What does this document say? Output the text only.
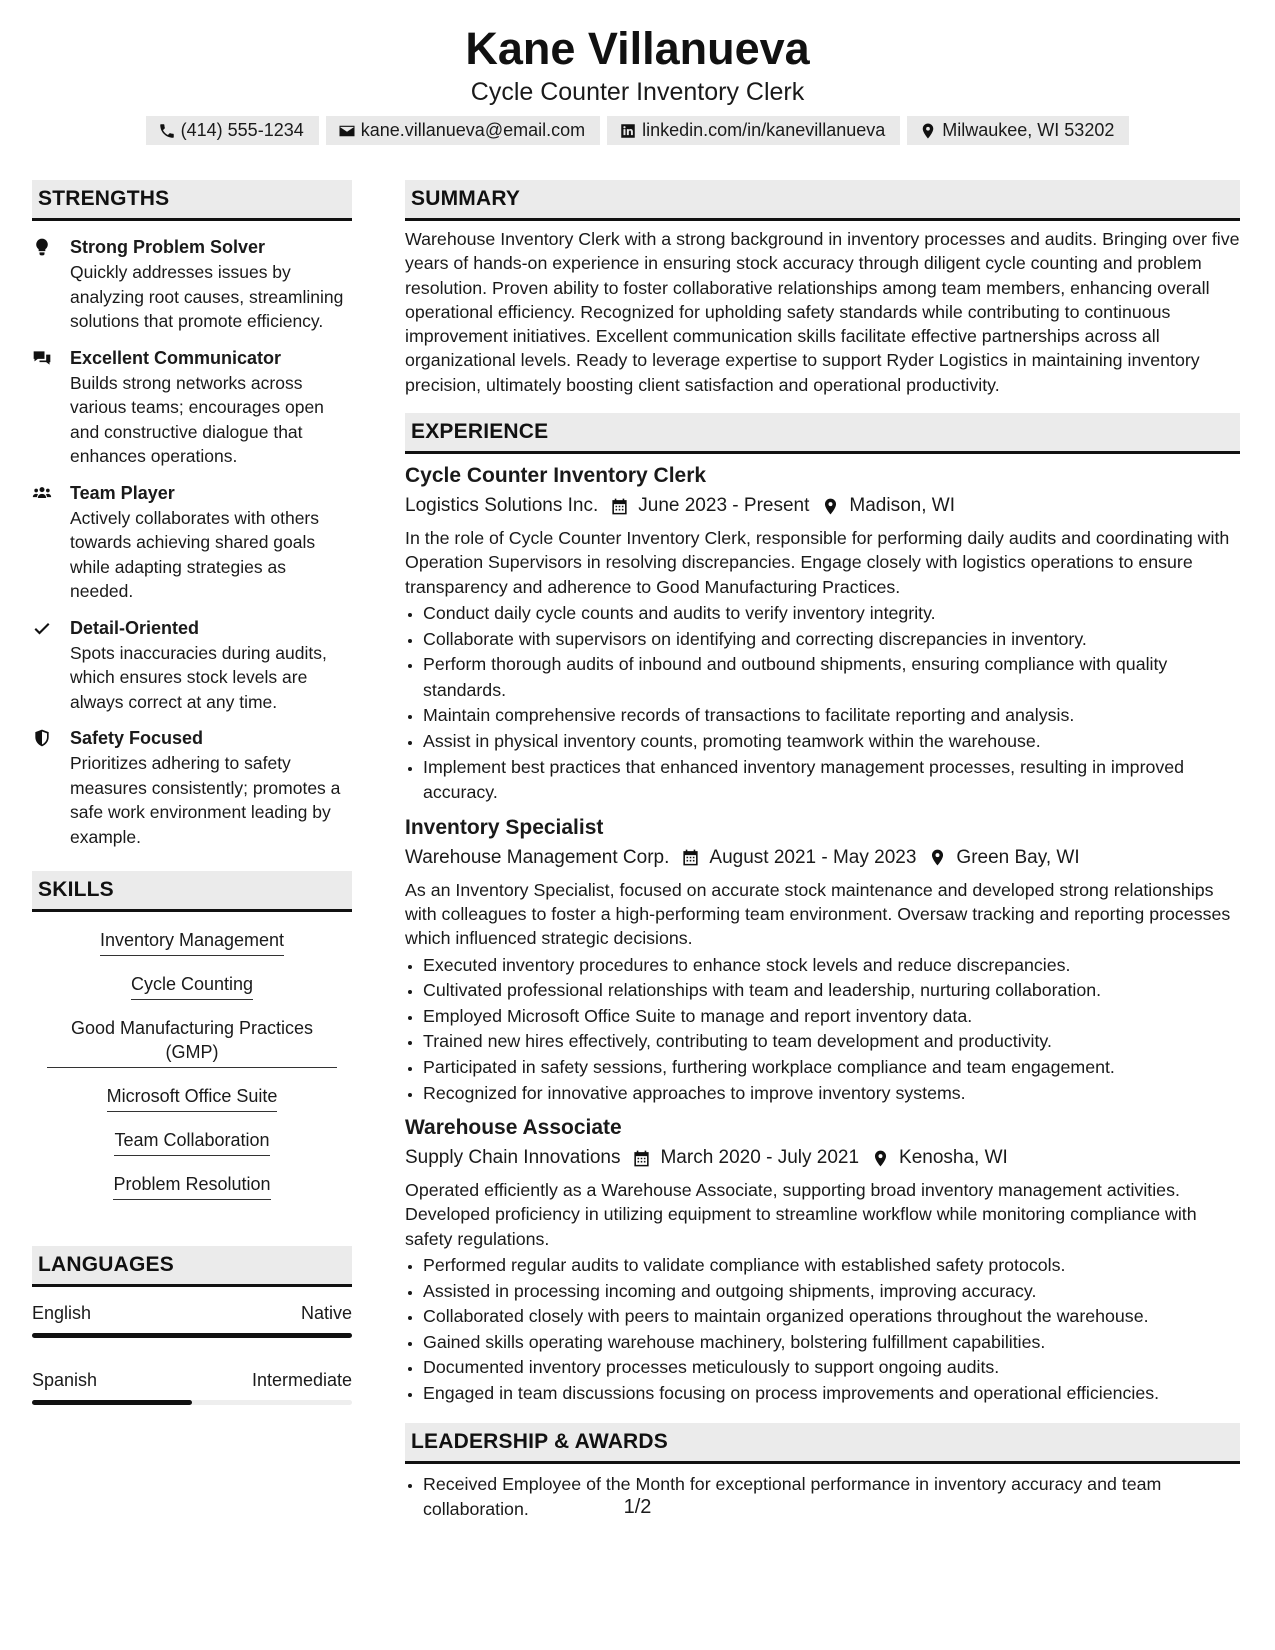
Kane Villanueva
Cycle Counter Inventory Clerk
(414) 555-1234	kane.villanueva@email.com	linkedin.com/in/kanevillanueva	Milwaukee, WI 53202
STRENGTHS
Strong Problem Solver
Quickly addresses issues by analyzing root causes, streamlining solutions that promote efficiency.
Excellent Communicator
Builds strong networks across various teams; encourages open and constructive dialogue that enhances operations.
Team Player
Actively collaborates with others towards achieving shared goals while adapting strategies as needed.
Detail-Oriented
Spots inaccuracies during audits, which ensures stock levels are always correct at any time.
Safety Focused
Prioritizes adhering to safety measures consistently; promotes a safe work environment leading by example.
SKILLS
Inventory Management
Cycle Counting
Good Manufacturing Practices (GMP)
Microsoft Office Suite
Team Collaboration
Problem Resolution
LANGUAGES
English	Native
Spanish	Intermediate
SUMMARY
Warehouse Inventory Clerk with a strong background in inventory processes and audits. Bringing over five years of hands-on experience in ensuring stock accuracy through diligent cycle counting and problem resolution. Proven ability to foster collaborative relationships among team members, enhancing overall operational efficiency. Recognized for upholding safety standards while contributing to continuous improvement initiatives. Excellent communication skills facilitate effective partnerships across all organizational levels. Ready to leverage expertise to support Ryder Logistics in maintaining inventory precision, ultimately boosting client satisfaction and operational productivity.
EXPERIENCE
Cycle Counter Inventory Clerk
Logistics Solutions Inc. June 2023 - Present Madison, WI
In the role of Cycle Counter Inventory Clerk, responsible for performing daily audits and coordinating with Operation Supervisors in resolving discrepancies. Engage closely with logistics operations to ensure transparency and adherence to Good Manufacturing Practices.
• Conduct daily cycle counts and audits to verify inventory integrity.
• Collaborate with supervisors on identifying and correcting discrepancies in inventory.
• Perform thorough audits of inbound and outbound shipments, ensuring compliance with quality standards.
• Maintain comprehensive records of transactions to facilitate reporting and analysis.
• Assist in physical inventory counts, promoting teamwork within the warehouse.
• Implement best practices that enhanced inventory management processes, resulting in improved accuracy.
Inventory Specialist
Warehouse Management Corp. August 2021 - May 2023 Green Bay, WI
As an Inventory Specialist, focused on accurate stock maintenance and developed strong relationships with colleagues to foster a high-performing team environment. Oversaw tracking and reporting processes which influenced strategic decisions.
• Executed inventory procedures to enhance stock levels and reduce discrepancies.
• Cultivated professional relationships with team and leadership, nurturing collaboration.
• Employed Microsoft Office Suite to manage and report inventory data.
• Trained new hires effectively, contributing to team development and productivity.
• Participated in safety sessions, furthering workplace compliance and team engagement.
• Recognized for innovative approaches to improve inventory systems.
Warehouse Associate
Supply Chain Innovations March 2020 - July 2021 Kenosha, WI
Operated efficiently as a Warehouse Associate, supporting broad inventory management activities. Developed proficiency in utilizing equipment to streamline workflow while monitoring compliance with safety regulations.
• Performed regular audits to validate compliance with established safety protocols.
• Assisted in processing incoming and outgoing shipments, improving accuracy.
• Collaborated closely with peers to maintain organized operations throughout the warehouse.
• Gained skills operating warehouse machinery, bolstering fulfillment capabilities.
• Documented inventory processes meticulously to support ongoing audits.
• Engaged in team discussions focusing on process improvements and operational efficiencies.
LEADERSHIP & AWARDS
• Received Employee of the Month for exceptional performance in inventory accuracy and team collaboration.	1/2
